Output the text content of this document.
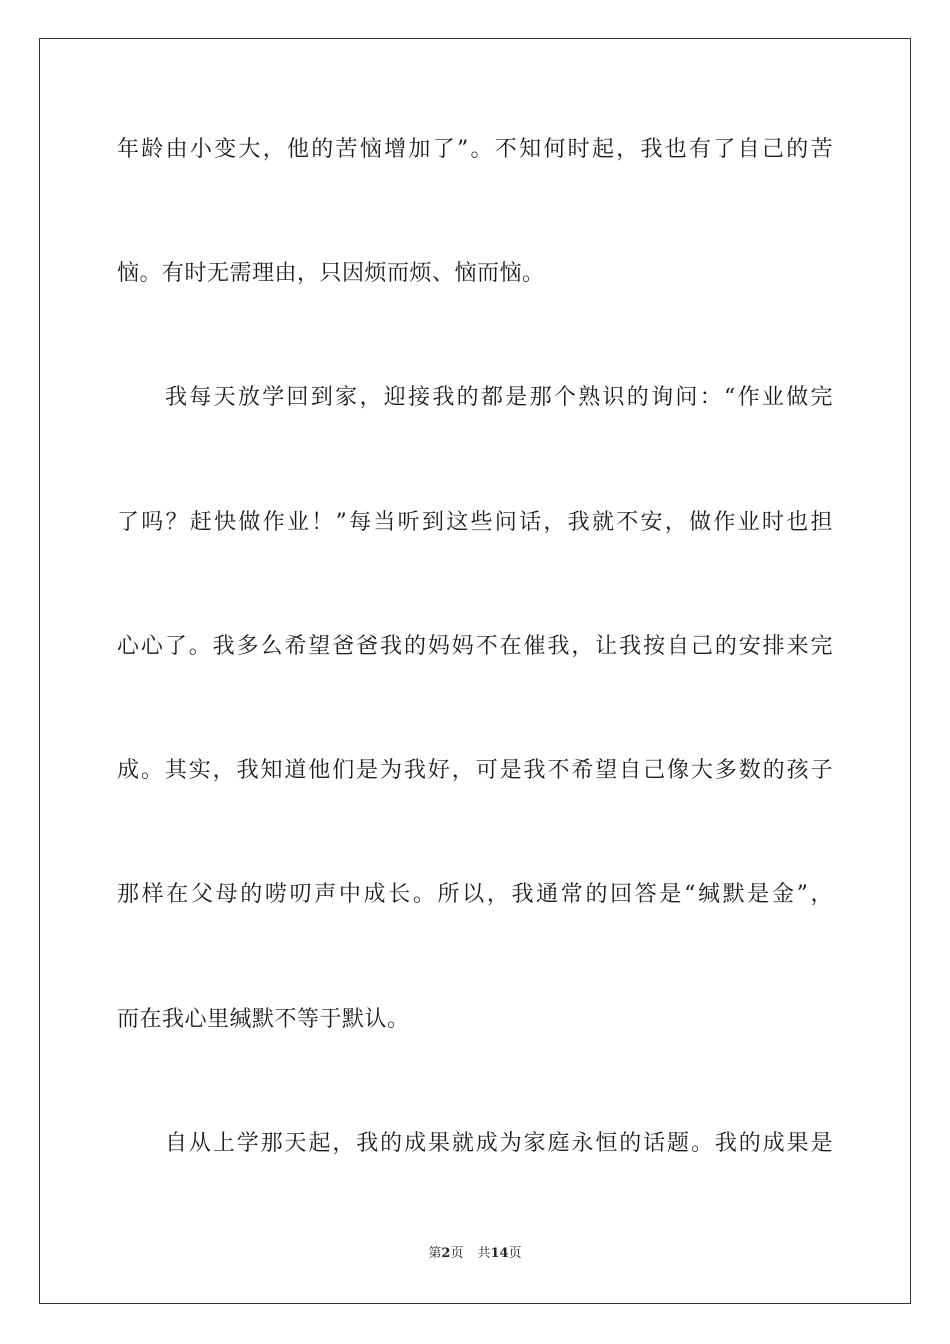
年龄由小变大，他的苦恼增加了”。不知何时起，我也有了自己的苦
恼。有时无需理由，只因烦而烦、恼而恼。
我每天放学回到家，迎接我的都是那个熟识的询问：“作业做完
了吗？赶快做作业！”每当听到这些问话，我就不安，做作业时也担
心心了。我多么希望爸爸我的妈妈不在催我，让我按自己的安排来完
成。其实，我知道他们是为我好，可是我不希望自己像大多数的孩子
那样在父母的唠叨声中成长。所以，我通常的回答是“缄默是金”，
而在我心里缄默不等于默认。
自从上学那天起，我的成果就成为家庭永恒的话题。我的成果是
第2页 共14页
